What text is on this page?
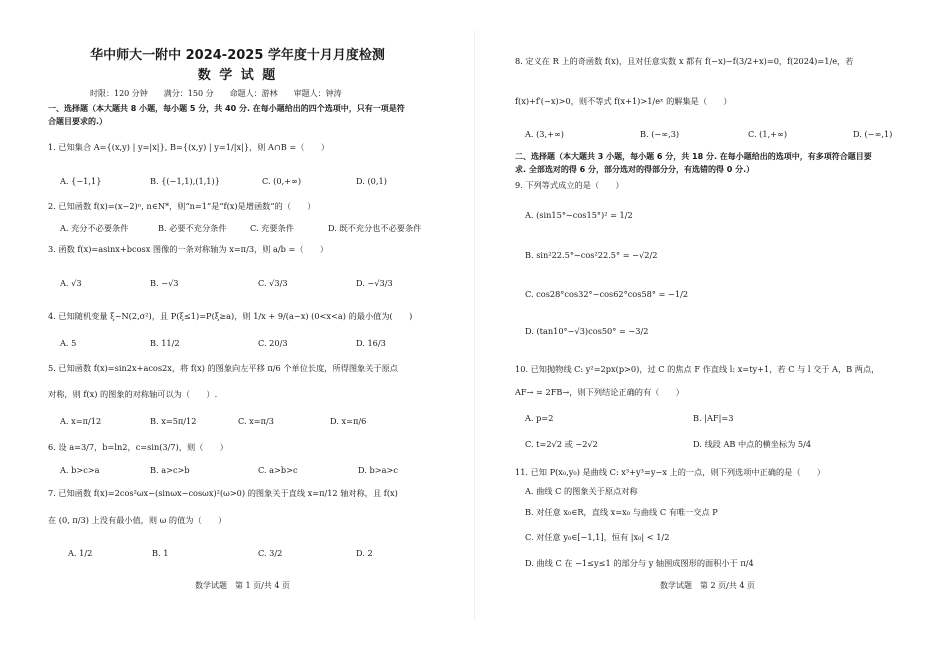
华中师大一附中 2024-2025 学年度十月月度检测
数 学 试 题
时限：120 分钟　　满分：150 分　　命题人：游林　　审题人：钟涛
一、选择题（本大题共 8 小题，每小题 5 分，共 40 分. 在每小题给出的四个选项中，只有一项是符
合题目要求的.）
1. 已知集合 A={(x,y) | y=|x|}, B={(x,y) | y=1/|x|}，则 A∩B =（　　）
A. {−1,1}	B. {(−1,1),(1,1)}	C. (0,+∞)	D. (0,1)
2. 已知函数 f(x)=(x−2)ⁿ, n∈N*，则“n=1”是“f(x)是增函数”的（　　）
A. 充分不必要条件	B. 必要不充分条件	C. 充要条件	D. 既不充分也不必要条件
3. 函数 f(x)=asinx+bcosx 图像的一条对称轴为 x=π/3，则 a/b =（　　）
A. √3	B. −√3	C. √3/3	D. −√3/3
4. 已知随机变量 ξ~N(2,σ²)，且 P(ξ≤1)=P(ξ≥a)，则 1/x + 9/(a−x) (0<x<a) 的最小值为(　　)
A. 5	B. 11/2	C. 20/3	D. 16/3
5. 已知函数 f(x)=sin2x+acos2x，将 f(x) 的图象向左平移 π/6 个单位长度，所得图象关于原点
对称，则 f(x) 的图象的对称轴可以为（　　）.
A. x=π/12	B. x=5π/12	C. x=π/3	D. x=π/6
6. 设 a=3/7，b=ln2，c=sin(3/7)，则（　　）
A. b>c>a	B. a>c>b	C. a>b>c	D. b>a>c
7. 已知函数 f(x)=2cos²ωx−(sinωx−cosωx)²(ω>0) 的图象关于直线 x=π/12 轴对称，且 f(x)
在 (0, π/3) 上没有最小值，则 ω 的值为（　　）
A. 1/2	B. 1	C. 3/2	D. 2
数学试题　第 1 页/共 4 页
8. 定义在 R 上的奇函数 f(x)，且对任意实数 x 都有 f(−x)−f(3/2+x)=0，f(2024)=1/e，若
f(x)+f′(−x)>0，则不等式 f(x+1)>1/eˣ 的解集是（　　）
A. (3,+∞)	B. (−∞,3)	C. (1,+∞)	D. (−∞,1)
二、选择题（本大题共 3 小题，每小题 6 分，共 18 分. 在每小题给出的选项中，有多项符合题目要
求. 全部选对的得 6 分，部分选对的得部分分，有选错的得 0 分.）
9. 下列等式成立的是（　　）
A. (sin15°−cos15°)² = 1/2
B. sin²22.5°−cos²22.5° = −√2/2
C. cos28°cos32°−cos62°cos58° = −1/2
D. (tan10°−√3)cos50° = −3/2
10. 已知抛物线 C: y²=2px(p>0)，过 C 的焦点 F 作直线 l: x=ty+1，若 C 与 l 交于 A，B 两点，
AF→ = 2FB→，则下列结论正确的有（　　）
A. p=2	B. |AF|=3
C. t=2√2 或 −2√2	D. 线段 AB 中点的横坐标为 5/4
11. 已知 P(x₀,y₀) 是曲线 C: x³+y³=y−x 上的一点，则下列选项中正确的是（　　）
A. 曲线 C 的图象关于原点对称
B. 对任意 x₀∈R，直线 x=x₀ 与曲线 C 有唯一交点 P
C. 对任意 y₀∈[−1,1]，恒有 |x₀| < 1/2
D. 曲线 C 在 −1≤y≤1 的部分与 y 轴围成图形的面积小于 π/4
数学试题　第 2 页/共 4 页
